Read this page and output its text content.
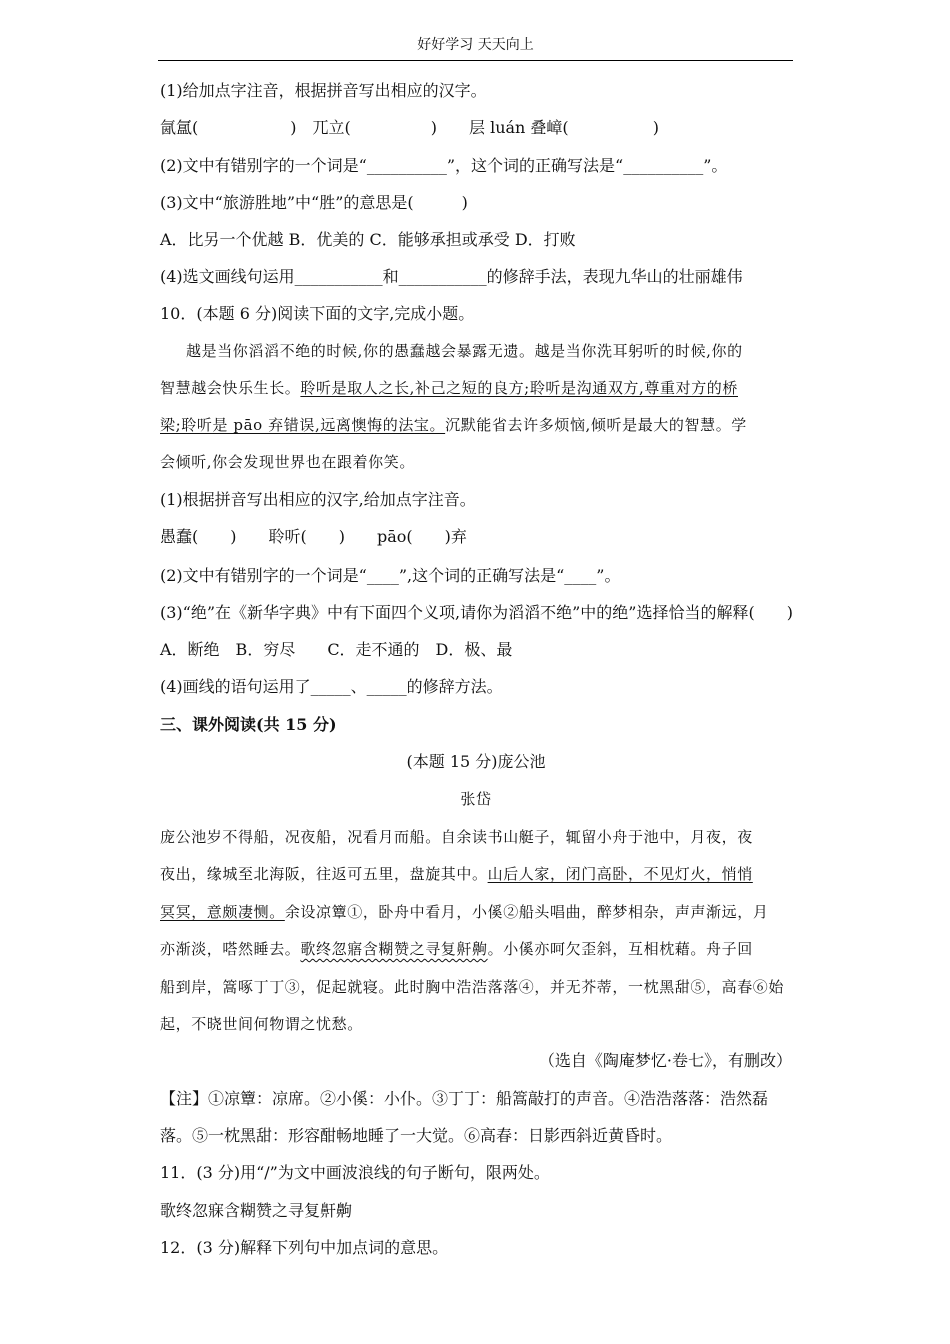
好好学习 天天向上
(1)给加点字注音，根据拼音写出相应的汉字。
氤氲(	)　兀立(	)　　层 luán 叠嶂(	)
(2)文中有错别字的一个词是“__________”，这个词的正确写法是“__________”。
(3)文中“旅游胜地”中“胜”的意思是(　　　)
A．比另一个优越 B．优美的 C．能够承担或承受 D．打败
(4)选文画线句运用___________和___________的修辞手法，表现九华山的壮丽雄伟
10．(本题 6 分)阅读下面的文字,完成小题。
越是当你滔滔不绝的时候,你的愚蠢越会暴露无遗。越是当你洗耳躬听的时候,你的
智慧越会快乐生长。聆听是取人之长,补己之短的良方;聆听是沟通双方,尊重对方的桥
梁;聆听是 pāo 弃错误,远离懊悔的法宝。沉默能省去许多烦恼,倾听是最大的智慧。学
会倾听,你会发现世界也在跟着你笑。
(1)根据拼音写出相应的汉字,给加点字注音。
愚蠢(　　)　　聆听(　　)　　pāo(　　)弃
(2)文中有错别字的一个词是“____”,这个词的正确写法是“____”。
(3)“绝”在《新华字典》中有下面四个义项,请你为滔滔不绝”中的绝”选择恰当的解释(　　)
A．断绝　B．穷尽　　C．走不通的　D．极、最
(4)画线的语句运用了_____、_____的修辞方法。
三、课外阅读(共 15 分)
(本题 15 分)庞公池
张岱
庞公池岁不得船，况夜船，况看月而船。自余读书山艇子，辄留小舟于池中，月夜，夜
夜出，缘城至北海阪，往返可五里，盘旋其中。山后人家，闭门高卧，不见灯火，悄悄
冥冥，意颇凄恻。余设凉簟①，卧舟中看月，小傒②船头唱曲，醉梦相杂，声声渐远，月
亦渐淡，嗒然睡去。歌终忽寤含糊赞之寻复鼾齁。小傒亦呵欠歪斜，互相枕藉。舟子回
船到岸，篙啄丁丁③，促起就寝。此时胸中浩浩落落④，并无芥蒂，一枕黑甜⑤，高春⑥始
起，不晓世间何物谓之忧愁。
（选自《陶庵梦忆·卷七》，有删改）
【注】①凉簟：凉席。②小傒：小仆。③丁丁：船篙敲打的声音。④浩浩落落：浩然磊
落。⑤一枕黑甜：形容酣畅地睡了一大觉。⑥高春：日影西斜近黄昏时。
11．(3 分)用“/”为文中画波浪线的句子断句，限两处。
歌终忽寐含糊赞之寻复鼾齁
12．(3 分)解释下列句中加点词的意思。
